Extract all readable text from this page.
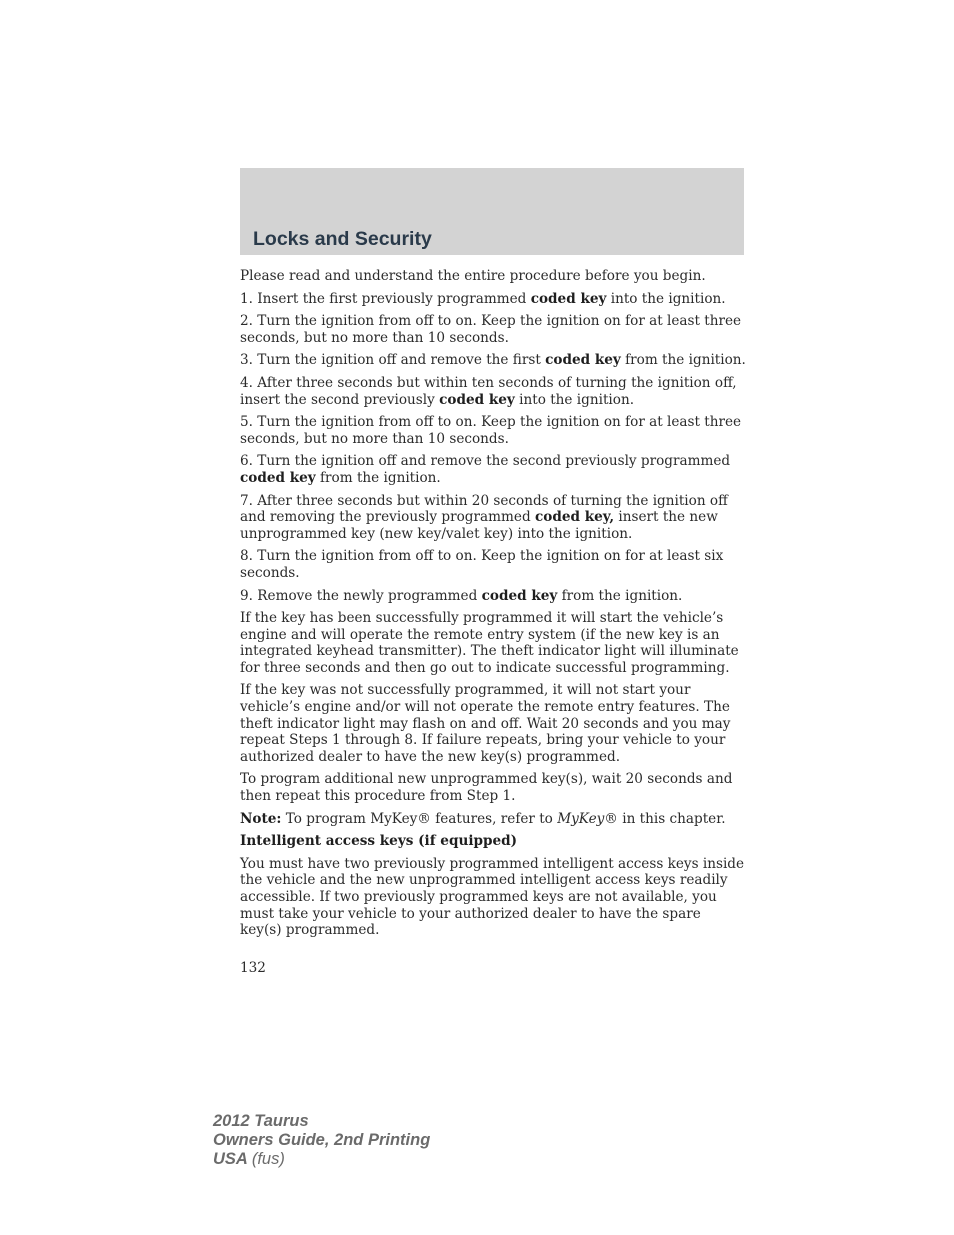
Locks and Security

Please read and understand the entire procedure before you begin.

1. Insert the first previously programmed coded key into the ignition.

2. Turn the ignition from off to on. Keep the ignition on for at least three seconds, but no more than 10 seconds.

3. Turn the ignition off and remove the first coded key from the ignition.

4. After three seconds but within ten seconds of turning the ignition off, insert the second previously coded key into the ignition.

5. Turn the ignition from off to on. Keep the ignition on for at least three seconds, but no more than 10 seconds.

6. Turn the ignition off and remove the second previously programmed coded key from the ignition.

7. After three seconds but within 20 seconds of turning the ignition off and removing the previously programmed coded key, insert the new unprogrammed key (new key/valet key) into the ignition.

8. Turn the ignition from off to on. Keep the ignition on for at least six seconds.

9. Remove the newly programmed coded key from the ignition.

If the key has been successfully programmed it will start the vehicle’s engine and will operate the remote entry system (if the new key is an integrated keyhead transmitter). The theft indicator light will illuminate for three seconds and then go out to indicate successful programming.

If the key was not successfully programmed, it will not start your vehicle’s engine and/or will not operate the remote entry features. The theft indicator light may flash on and off. Wait 20 seconds and you may repeat Steps 1 through 8. If failure repeats, bring your vehicle to your authorized dealer to have the new key(s) programmed.

To program additional new unprogrammed key(s), wait 20 seconds and then repeat this procedure from Step 1.

Note: To program MyKey® features, refer to MyKey® in this chapter.

Intelligent access keys (if equipped)

You must have two previously programmed intelligent access keys inside the vehicle and the new unprogrammed intelligent access keys readily accessible. If two previously programmed keys are not available, you must take your vehicle to your authorized dealer to have the spare key(s) programmed.

132
2012 Taurus
Owners Guide, 2nd Printing
USA (fus)
